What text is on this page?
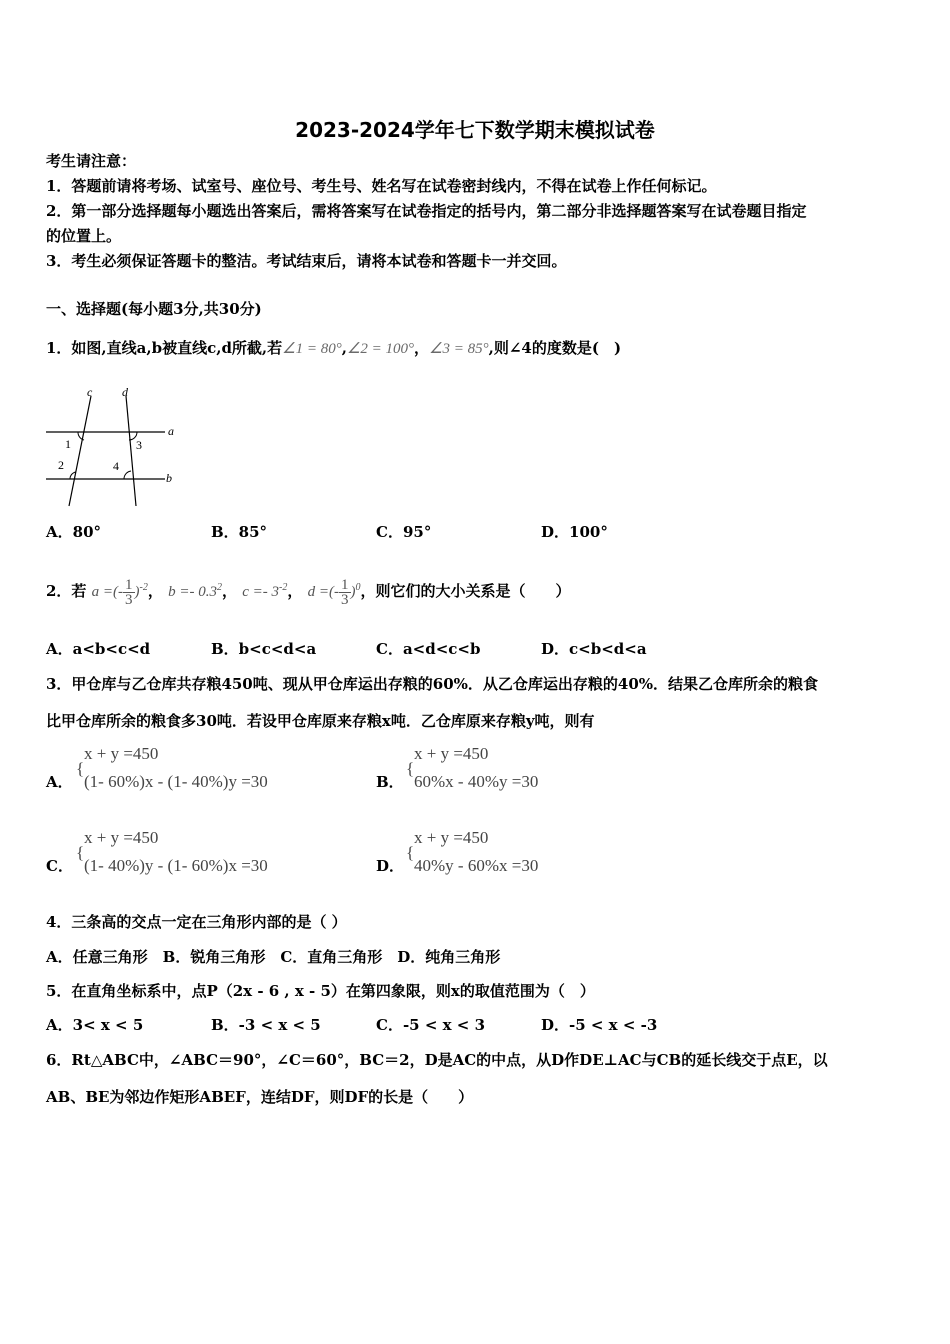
2023-2024学年七下数学期末模拟试卷
考生请注意：
1．答题前请将考场、试室号、座位号、考生号、姓名写在试卷密封线内，不得在试卷上作任何标记。
2．第一部分选择题每小题选出答案后，需将答案写在试卷指定的括号内，第二部分非选择题答案写在试卷题目指定
的位置上。
3．考生必须保证答题卡的整洁。考试结束后，请将本试卷和答题卡一并交回。
一、选择题(每小题3分,共30分)
1．如图,直线a,b被直线c,d所截,若∠1 = 80°,∠2 = 100°，∠3 = 85°,则∠4的度数是(　)
c d
a
b
1
2
3
4
A．80°	B．85°	C．95°	D．100°
2．若 a =(- $\frac{1}{3} )^{-2}$， $b =- 0.3^2$， $c =- 3^{-2}$， d =(- $\frac{1}{3} )^0$，则它们的大小关系是（　　）
A．a<b<c<d	B．b<c<d<a	C．a<d<c<b	D．c<b<d<a
3．甲仓库与乙仓库共存粮450吨、现从甲仓库运出存粮的60%．从乙仓库运出存粮的40%．结果乙仓库所余的粮食
比甲仓库所余的粮食多30吨．若设甲仓库原来存粮x吨．乙仓库原来存粮y吨，则有
A．
{
x + y =450
(1- 60%)x - (1- 40%)y =30	B．
{
x + y =450
60%x - 40%y =30
C．
{
x + y =450
(1- 40%)y - (1- 60%)x =30	D．
{
x + y =450
40%y - 60%x =30
4．三条高的交点一定在三角形内部的是（ ）
A．任意三角形　B．锐角三角形　C．直角三角形　D．纯角三角形
5．在直角坐标系中，点P（2x - 6 , x - 5）在第四象限，则x的取值范围为（　）
A．3< x < 5	B．-3 < x < 5	C．-5 < x < 3	D．-5 < x < -3
6．Rt△ABC中，∠ABC＝90°，∠C＝60°，BC＝2，D是AC的中点，从D作DE⊥AC与CB的延长线交于点E，以
AB、BE为邻边作矩形ABEF，连结DF，则DF的长是（　　）
